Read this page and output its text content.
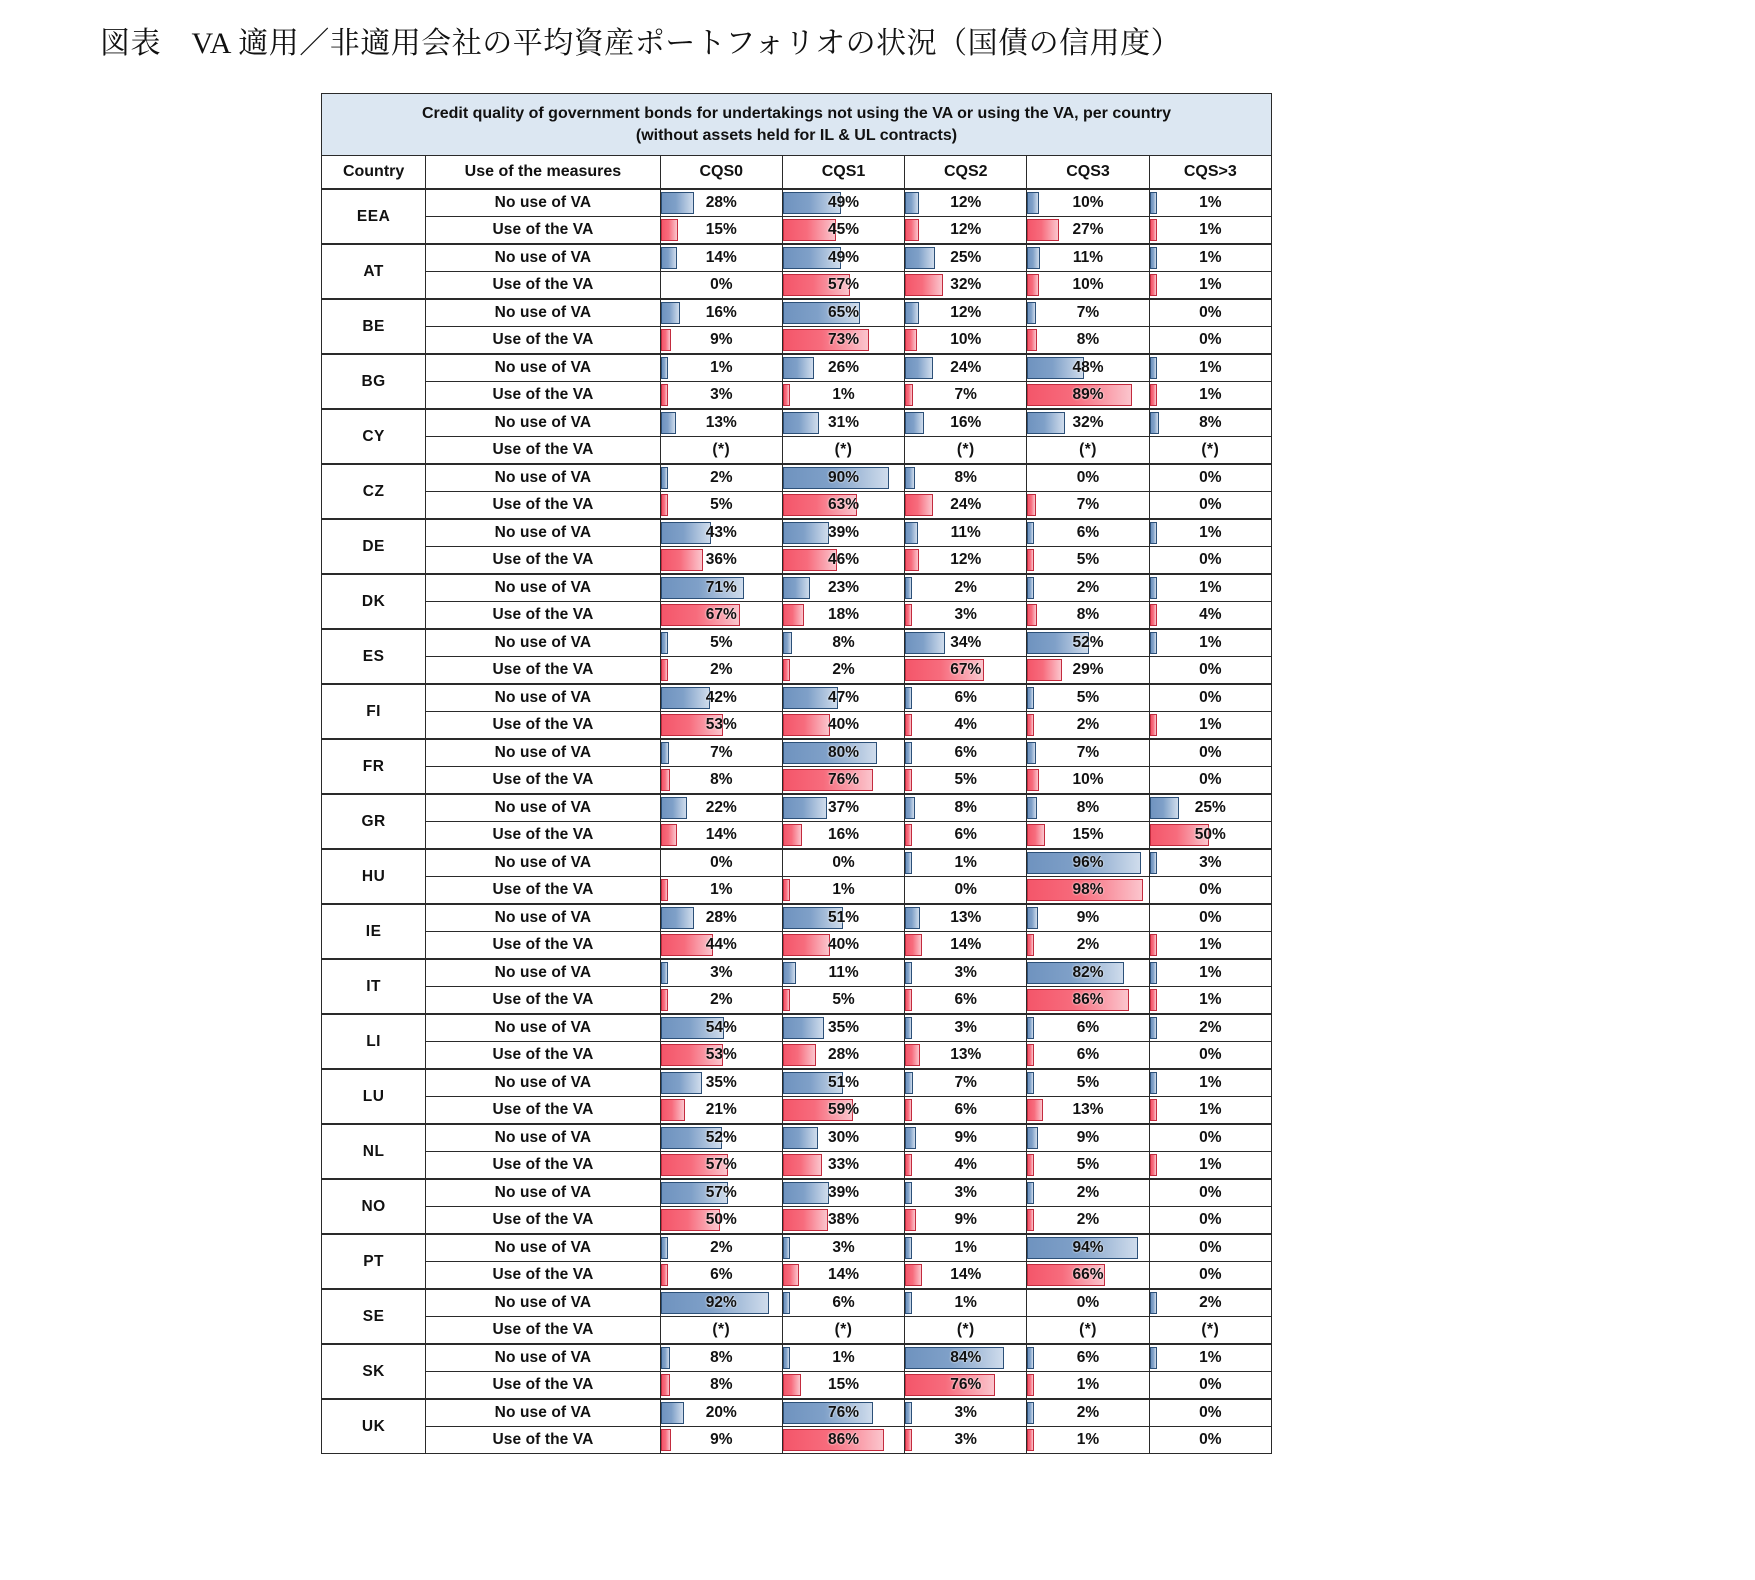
図表　VA 適用／非適用会社の平均資産ポートフォリオの状況（国債の信用度）
Credit quality of government bonds for undertakings not using the VA or using the VA, per country
(without assets held for IL & UL contracts)						
Country	Use of the measures	CQS0	CQS1	CQS2	CQS3	CQS>3
EEA	No use of VA	28%	49%	12%	10%	1%

	Use of the VA	15%	45%	12%	27%	1%

AT	No use of VA	14%	49%	25%	11%	1%

	Use of the VA	0%	57%	32%	10%	1%

BE	No use of VA	16%	65%	12%	7%	0%

	Use of the VA	9%	73%	10%	8%	0%

BG	No use of VA	1%	26%	24%	48%	1%

	Use of the VA	3%	1%	7%	89%	1%

CY	No use of VA	13%	31%	16%	32%	8%

	Use of the VA	(*)	(*)	(*)	(*)	(*)

CZ	No use of VA	2%	90%	8%	0%	0%

	Use of the VA	5%	63%	24%	7%	0%

DE	No use of VA	43%	39%	11%	6%	1%

	Use of the VA	36%	46%	12%	5%	0%

DK	No use of VA	71%	23%	2%	2%	1%

	Use of the VA	67%	18%	3%	8%	4%

ES	No use of VA	5%	8%	34%	52%	1%

	Use of the VA	2%	2%	67%	29%	0%

FI	No use of VA	42%	47%	6%	5%	0%

	Use of the VA	53%	40%	4%	2%	1%

FR	No use of VA	7%	80%	6%	7%	0%

	Use of the VA	8%	76%	5%	10%	0%

GR	No use of VA	22%	37%	8%	8%	25%

	Use of the VA	14%	16%	6%	15%	50%

HU	No use of VA	0%	0%	1%	96%	3%

	Use of the VA	1%	1%	0%	98%	0%

IE	No use of VA	28%	51%	13%	9%	0%

	Use of the VA	44%	40%	14%	2%	1%

IT	No use of VA	3%	11%	3%	82%	1%

	Use of the VA	2%	5%	6%	86%	1%

LI	No use of VA	54%	35%	3%	6%	2%

	Use of the VA	53%	28%	13%	6%	0%

LU	No use of VA	35%	51%	7%	5%	1%

	Use of the VA	21%	59%	6%	13%	1%

NL	No use of VA	52%	30%	9%	9%	0%

	Use of the VA	57%	33%	4%	5%	1%

NO	No use of VA	57%	39%	3%	2%	0%

	Use of the VA	50%	38%	9%	2%	0%

PT	No use of VA	2%	3%	1%	94%	0%

	Use of the VA	6%	14%	14%	66%	0%

SE	No use of VA	92%	6%	1%	0%	2%

	Use of the VA	(*)	(*)	(*)	(*)	(*)

SK	No use of VA	8%	1%	84%	6%	1%

	Use of the VA	8%	15%	76%	1%	0%

UK	No use of VA	20%	76%	3%	2%	0%

	Use of the VA	9%	86%	3%	1%	0%
